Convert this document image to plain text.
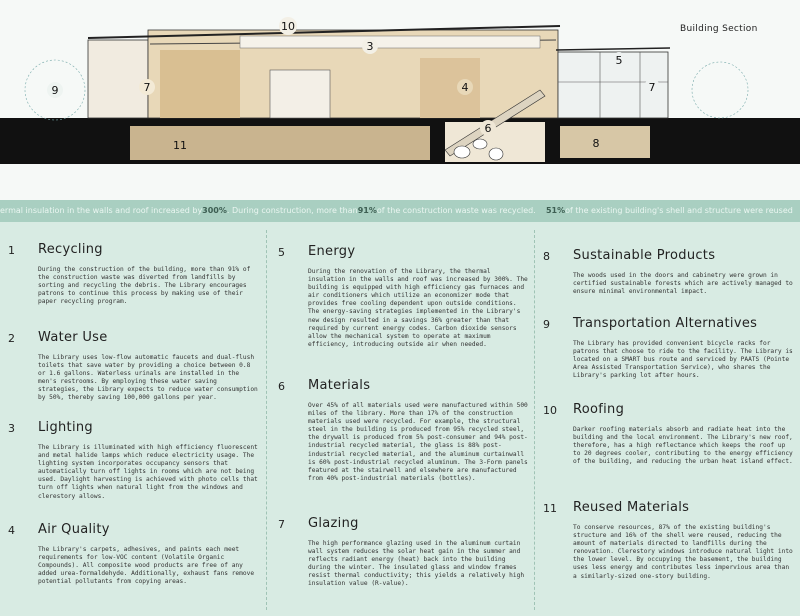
9
10
3
7
5
7
4
6
11	8
Building Section
ermal insulation in the walls and roof increased by300%. During construction, more than91%of the construction waste was recycled. 51%of the existing building's shell and structure were reused
1 Recycling

During the construction of the building, more than 91% of the construction waste was diverted from landfills by sorting and recycling the debris. The Library encourages patrons to continue this process by making use of their paper recycling program.

2 Water Use

The Library uses low-flow automatic faucets and dual-flush toilets that save water by providing a choice between 0.8 or 1.6 gallons. Waterless urinals are installed in the men's restrooms. By employing these water saving strategies, the Library expects to reduce water consumption by 50%, thereby saving 100,000 gallons per year.

3 Lighting

The Library is illuminated with high efficiency fluorescent and metal halide lamps which reduce electricity usage. The lighting system incorporates occupancy sensors that automatically turn off lights in rooms which are not being used. Daylight harvesting is achieved with photo cells that turn off lights when natural light from the windows and clerestory allows.

4 Air Quality

The Library's carpets, adhesives, and paints each meet requirements for low-VOC content (Volatile Organic Compounds). All composite wood products are free of any added urea-formaldehyde. Additionally, exhaust fans remove potential pollutants from copying areas.

5 Energy

During the renovation of the Library, the thermal insulation in the walls and roof was increased by 300%. The building is equipped with high efficiency gas furnaces and air conditioners which utilize an economizer mode that provides free cooling dependent upon outside conditions. The energy-saving strategies implemented in the Library's new design resulted in a savings 36% greater than that required by current energy codes. Carbon dioxide sensors allow the mechanical system to operate at maximum efficiency, introducing outside air when needed.

6 Materials

Over 45% of all materials used were manufactured within 500 miles of the library. More than 17% of the construction materials used were recycled. For example, the structural steel in the building is produced from 95% recycled steel, the drywall is produced from 5% post-consumer and 94% post-industrial recycled material, the glass is 88% post-industrial recycled material, and the aluminum curtainwall is 60% post-industrial recycled aluminum. The 3-Form panels featured at the stairwell and elsewhere are manufactured from 40% post-industrial materials (bottles).

7 Glazing

The high performance glazing used in the aluminum curtain wall system reduces the solar heat gain in the summer and reflects radiant energy (heat) back into the building during the winter. The insulated glass and window frames resist thermal conductivity; this yields a relatively high insulation value (R-value).

8 Sustainable Products

The woods used in the doors and cabinetry were grown in certified sustainable forests which are actively managed to ensure minimal environmental impact.

9 Transportation Alternatives

The Library has provided convenient bicycle racks for patrons that choose to ride to the facility. The Library is located on a SMART bus route and serviced by PAATS (Pointe Area Assisted Transportation Service), who shares the Library's parking lot after hours.

10 Roofing

Darker roofing materials absorb and radiate heat into the building and the local environment. The Library's new roof, therefore, has a high reflectance which keeps the roof up to 20 degrees cooler, contributing to the energy efficiency of the building, and reducing the urban heat island effect.

11 Reused Materials

To conserve resources, 87% of the existing building's structure and 16% of the shell were reused, reducing the amount of materials directed to landfills during the renovation. Clerestory windows introduce natural light into the lower level. By occupying the basement, the building uses less energy and contributes less impervious area than a similarly-sized one-story building.
